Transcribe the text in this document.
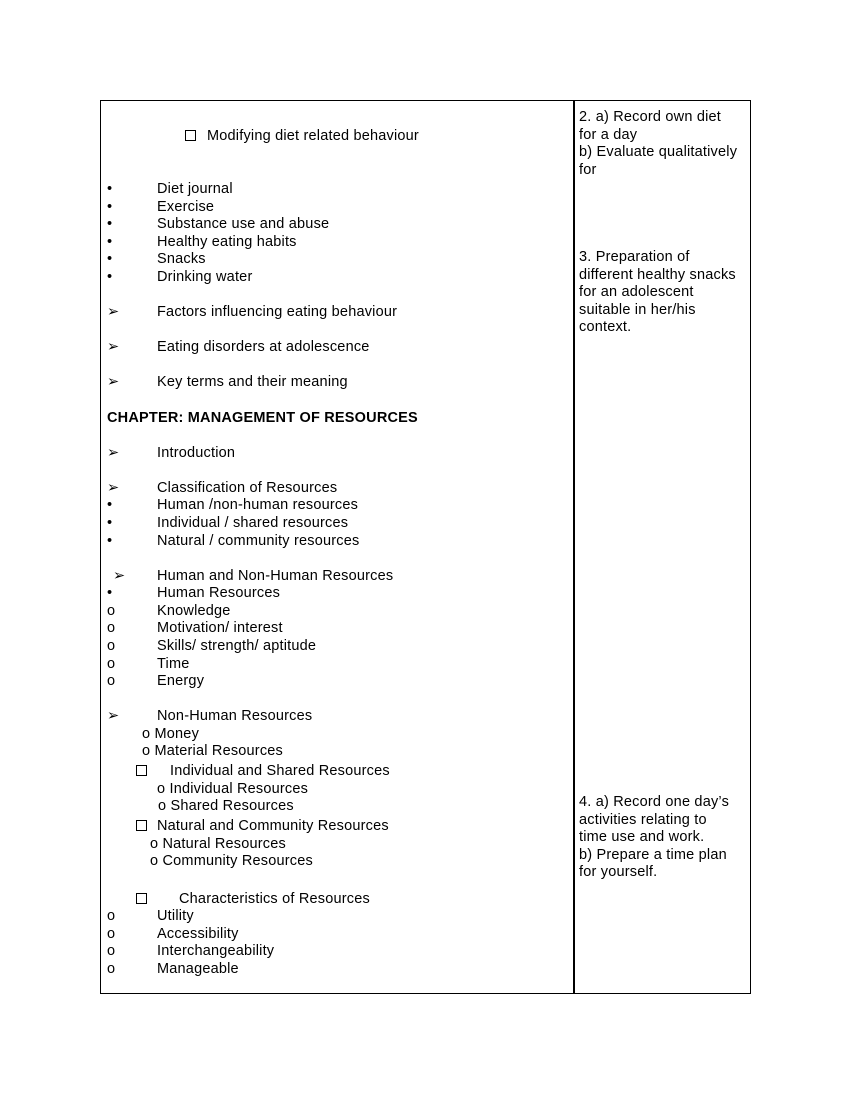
Modifying diet related behaviour
•	Diet journal
•	Exercise
•	Substance use and abuse
•	Healthy eating habits
•	Snacks
•	Drinking water
➢	Factors influencing eating behaviour
➢	Eating disorders at adolescence
➢	Key terms and their meaning
CHAPTER: MANAGEMENT OF RESOURCES
➢	Introduction
➢	Classification of Resources
•	Human /non-human resources
•	Individual / shared resources
•	Natural / community resources
➢ Human and Non-Human Resources
•	Human Resources
o	Knowledge
o	Motivation/ interest
o	Skills/ strength/ aptitude
o	Time
o	Energy
➢	Non-Human Resources
o Money
o Material Resources
Individual and Shared Resources
o Individual Resources
o Shared Resources
Natural and Community Resources
o Natural Resources
o Community Resources
Characteristics of Resources
o	Utility
o	Accessibility
o	Interchangeability
o	Manageable
2. a) Record own diet
for a day
b) Evaluate qualitatively
for
3. Preparation of
different healthy snacks
for an adolescent
suitable in her/his
context.
4. a) Record one day’s
activities relating to
time use and work.
b) Prepare a time plan
for yourself.
